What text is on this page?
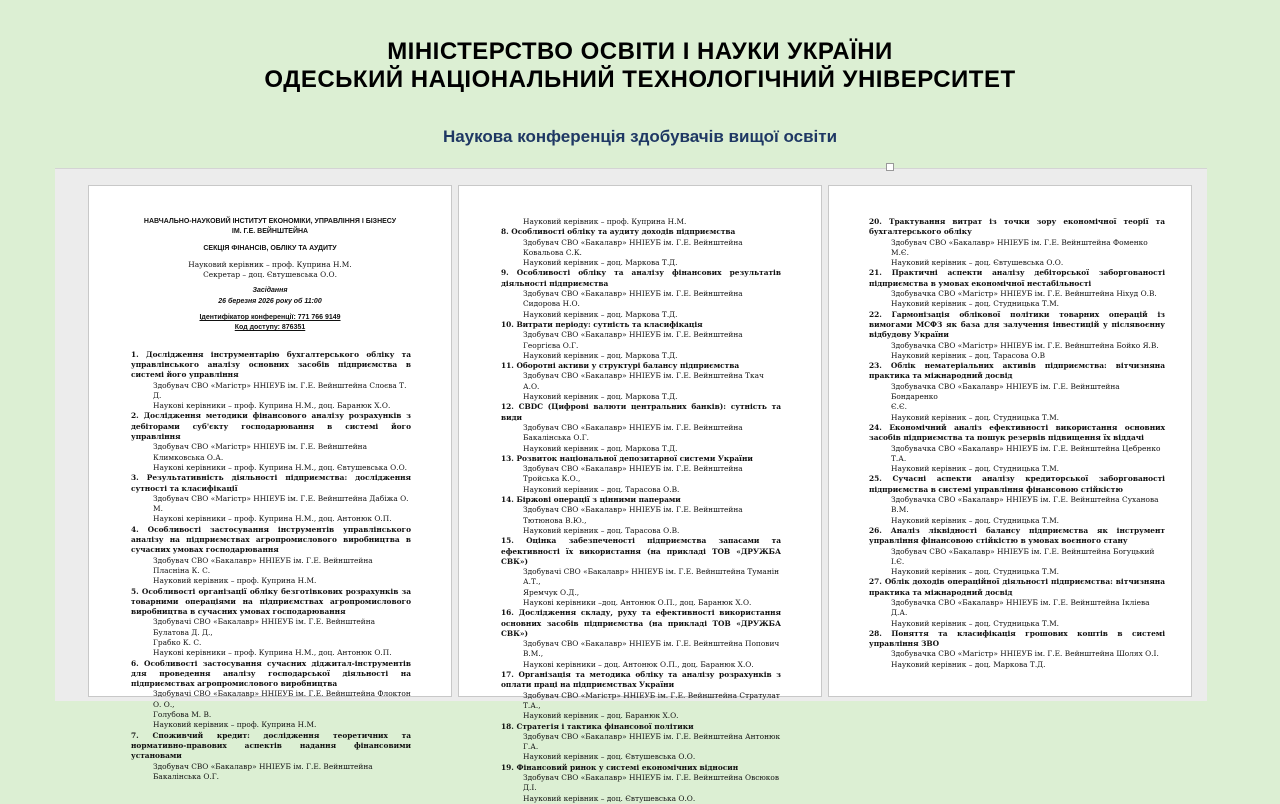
МІНІСТЕРСТВО ОСВІТИ І НАУКИ УКРАЇНИ
ОДЕСЬКИЙ НАЦІОНАЛЬНИЙ ТЕХНОЛОГІЧНИЙ УНІВЕРСИТЕТ
Наукова конференція здобувачів вищої освіти
НАВЧАЛЬНО-НАУКОВИЙ ІНСТИТУТ ЕКОНОМІКИ, УПРАВЛІННЯ І БІЗНЕСУ
ІМ. Г.Е. ВЕЙНШТЕЙНА
СЕКЦІЯ ФІНАНСІВ, ОБЛІКУ ТА АУДИТУ
Науковий керівник – проф. Куприна Н.М.
Секретар – доц. Євтушевська О.О.
Засідання
26 березня 2026 року об 11:00
Ідентифікатор конференції: 771 766 9149
Код доступу: 876351
1. Дослідження інструментарію бухгалтерського обліку та управлінського аналізу основних засобів підприємства в системі його управління
Здобувач СВО «Магістр» ННІЕУБ ім. Г.Е. Вейнштейна Слоєва Т. Д.
Наукові керівники – проф. Куприна Н.М., доц. Баранюк Х.О.
2. Дослідження методики фінансового аналізу розрахунків з дебіторами суб'єкту господарювання в системі його управління
Здобувач СВО «Магістр» ННІЕУБ ім. Г.Е. Вейнштейна Климковська О.А.
Наукові керівники – проф. Куприна Н.М., доц. Євтушевська О.О.
3. Результативність діяльності підприємства: дослідження сутності та класифікації
Здобувач СВО «Магістр» ННІЕУБ ім. Г.Е. Вейнштейна Дабіжа О. М.
Наукові керівники – проф. Куприна Н.М., доц. Антонюк О.П.
4. Особливості застосування інструментів управлінського аналізу на підприємствах агропромислового виробництва в сучасних умовах господарювання
Здобувач СВО «Бакалавр» ННІЕУБ ім. Г.Е. Вейнштейна Пласніна К. С.
Науковий керівник – проф. Куприна Н.М.
5. Особливості організації обліку безготівкових розрахунків за товарними операціями на підприємствах агропромислового виробництва в сучасних умовах господарювання
Здобувачі СВО «Бакалавр» ННІЕУБ ім. Г.Е. Вейнштейна Булатова Д. Д.,
Грабко К. С.
Наукові керівники – проф. Куприна Н.М., доц. Антонюк О.П.
6. Особливості застосування сучасних діджитал-інструментів для проведення аналізу господарської діяльності на підприємствах агропромислового виробництва
Здобувачі СВО «Бакалавр» ННІЕУБ ім. Г.Е. Вейнштейна Флоктон О. О.,
Голубова М. В.
Науковий керівник – проф. Куприна Н.М.
7. Споживчий кредит: дослідження теоретичних та нормативно-правових аспектів надання фінансовими установами
Здобувач СВО «Бакалавр» ННІЕУБ ім. Г.Е. Вейнштейна Бакалінська О.Г.
Науковий керівник – проф. Куприна Н.М.
8. Особливості обліку та аудиту доходів підприємства
Здобувач СВО «Бакалавр» ННІЕУБ ім. Г.Е. Вейнштейна Ковальова С.К.
Науковий керівник – доц. Маркова Т.Д.
9. Особливості обліку та аналізу фінансових результатів діяльності підприємства
Здобувач СВО «Бакалавр» ННІЕУБ ім. Г.Е. Вейнштейна Сидорова Н.О.
Науковий керівник – доц. Маркова Т.Д.
10. Витрати періоду: сутність та класифікація
Здобувач СВО «Бакалавр» ННІЕУБ ім. Г.Е. Вейнштейна Георгієва О.Г.
Науковий керівник – доц. Маркова Т.Д.
11. Оборотні активи у структурі балансу підприємства
Здобувач СВО «Бакалавр» ННІЕУБ ім. Г.Е. Вейнштейна Ткач А.О.
Науковий керівник – доц. Маркова Т.Д.
12. CBDC (Цифрові валюти центральних банків): сутність та види
Здобувач СВО «Бакалавр» ННІЕУБ ім. Г.Е. Вейнштейна Бакалінська О.Г.
Науковий керівник – доц. Маркова Т.Д.
13. Розвиток національної депозитарної системи України
Здобувач СВО «Бакалавр» ННІЕУБ ім. Г.Е. Вейнштейна Тройська К.О.,
Науковий керівник – доц. Тарасова О.В.
14. Біржові операції з цінними паперами
Здобувач СВО «Бакалавр» ННІЕУБ ім. Г.Е. Вейнштейна Тютюнова В.Ю.,
Науковий керівник – доц. Тарасова О.В.
15. Оцінка забезпеченості підприємства запасами та ефективності їх використання (на прикладі ТОВ «ДРУЖБА СВК»)
Здобувачі СВО «Бакалавр» ННІЕУБ ім. Г.Е. Вейнштейна Туманін А.Т.,
Яремчук О.Д.,
Наукові керівники –доц. Антонюк О.П., доц. Баранюк Х.О.
16. Дослідження складу, руху та ефективності використання основних засобів підприємства (на прикладі ТОВ «ДРУЖБА СВК»)
Здобувач СВО «Бакалавр» ННІЕУБ ім. Г.Е. Вейнштейна Попович В.М.,
Наукові керівники – доц. Антонюк О.П., доц. Баранюк Х.О.
17. Організація та методика обліку та аналізу розрахунків з оплати праці на підприємствах України
Здобувач СВО «Магістр» ННІЕУБ ім. Г.Е. Вейнштейна Стратулат Т.А.,
Науковий керівник – доц. Баранюк Х.О.
18. Стратегія і тактика фінансової політики
Здобувач СВО «Бакалавр» ННІЕУБ ім. Г.Е. Вейнштейна Антонюк Г.А.
Науковий керівник – доц. Євтушевська О.О.
19. Фінансовий ринок у системі економічних відносин
Здобувач СВО «Бакалавр» ННІЕУБ ім. Г.Е. Вейнштейна Овсюков Д.І.
Науковий керівник – доц. Євтушевська О.О.
20. Трактування витрат із точки зору економічної теорії та бухгалтерського обліку
Здобувач СВО «Бакалавр» ННІЕУБ ім. Г.Е. Вейнштейна Фоменко М.Є.
Науковий керівник – доц. Євтушевська О.О.
21. Практичні аспекти аналізу дебіторської заборгованості підприємства в умовах економічної нестабільності
Здобувачка СВО «Магістр» ННІЕУБ ім. Г.Е. Вейнштейна Ніхуд О.В.
Науковий керівник – доц. Студницька Т.М.
22. Гармонізація облікової політики товарних операцій із вимогами МСФЗ як база для залучення інвестицій у післявоєнну відбудову України
Здобувачка СВО «Магістр» ННІЕУБ ім. Г.Е. Вейнштейна Бойко Я.В.
Науковий керівник – доц. Тарасова О.В
23. Облік нематеріальних активів підприємства: вітчизняна практика та міжнародний досвід
Здобувачка СВО «Бакалавр» ННІЕУБ ім. Г.Е. Вейнштейна Бондаренко
Є.Є.
Науковий керівник – доц. Студницька Т.М.
24. Економічний аналіз ефективності використання основних засобів підприємства та пошук резервів підвищення їх віддачі
Здобувачка СВО «Бакалавр» ННІЕУБ ім. Г.Е. Вейнштейна Цебренко Т.А.
Науковий керівник – доц. Студницька Т.М.
25. Сучасні аспекти аналізу кредиторської заборгованості підприємства в системі управління фінансовою стійкістю
Здобувачка СВО «Бакалавр» ННІЕУБ ім. Г.Е. Вейнштейна Суханова В.М.
Науковий керівник – доц. Студницька Т.М.
26. Аналіз ліквідності балансу підприємства як інструмент управління фінансовою стійкістю в умовах воєнного стану
Здобувач СВО «Бакалавр» ННІЕУБ ім. Г.Е. Вейнштейна Богуцький І.Є.
Науковий керівник – доц. Студницька Т.М.
27. Облік доходів операційної діяльності підприємства: вітчизняна практика та міжнародний досвід
Здобувачка СВО «Бакалавр» ННІЕУБ ім. Г.Е. Вейнштейна Ікліева Д.А.
Науковий керівник – доц. Студницька Т.М.
28. Поняття та класифікація грошових коштів в системі управління ЗВО
Здобувачка СВО «Магістр» ННІЕУБ ім. Г.Е. Вейнштейна Шолях О.І.
Науковий керівник – доц. Маркова Т.Д.
